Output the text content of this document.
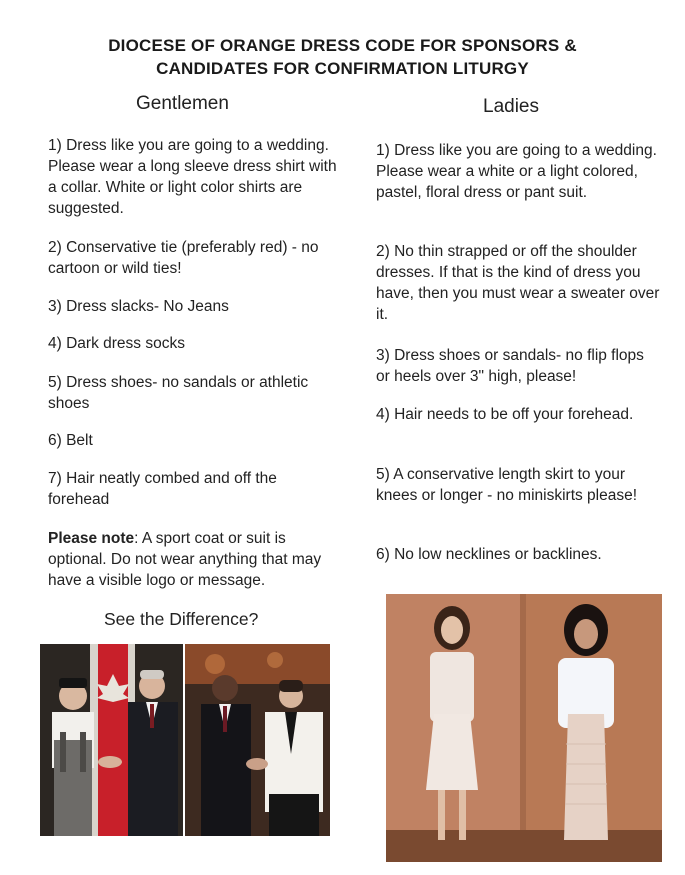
DIOCESE OF ORANGE DRESS CODE FOR SPONSORS & CANDIDATES FOR CONFIRMATION LITURGY
Gentlemen	Ladies
1) Dress like you are going to a wedding. Please wear a long sleeve dress shirt with a collar. White or light color shirts are suggested.
2) Conservative tie (preferably red) - no cartoon or wild ties!
3) Dress slacks- No Jeans
4) Dark dress socks
5) Dress shoes- no sandals or athletic shoes
6) Belt
7) Hair neatly combed and off the forehead
Please note: A sport coat or suit is optional. Do not wear anything that may have a visible logo or message.
1) Dress like you are going to a wedding. Please wear a white or a light colored, pastel, floral dress or pant suit.
2) No thin strapped or off the shoulder dresses. If that is the kind of dress you have, then you must wear a sweater over it.
3) Dress shoes or sandals- no flip flops or heels over 3" high, please!
4) Hair needs to be off your forehead.
5) A conservative length skirt to your knees or longer - no miniskirts please!
6) No low necklines or backlines.
See the Difference?
